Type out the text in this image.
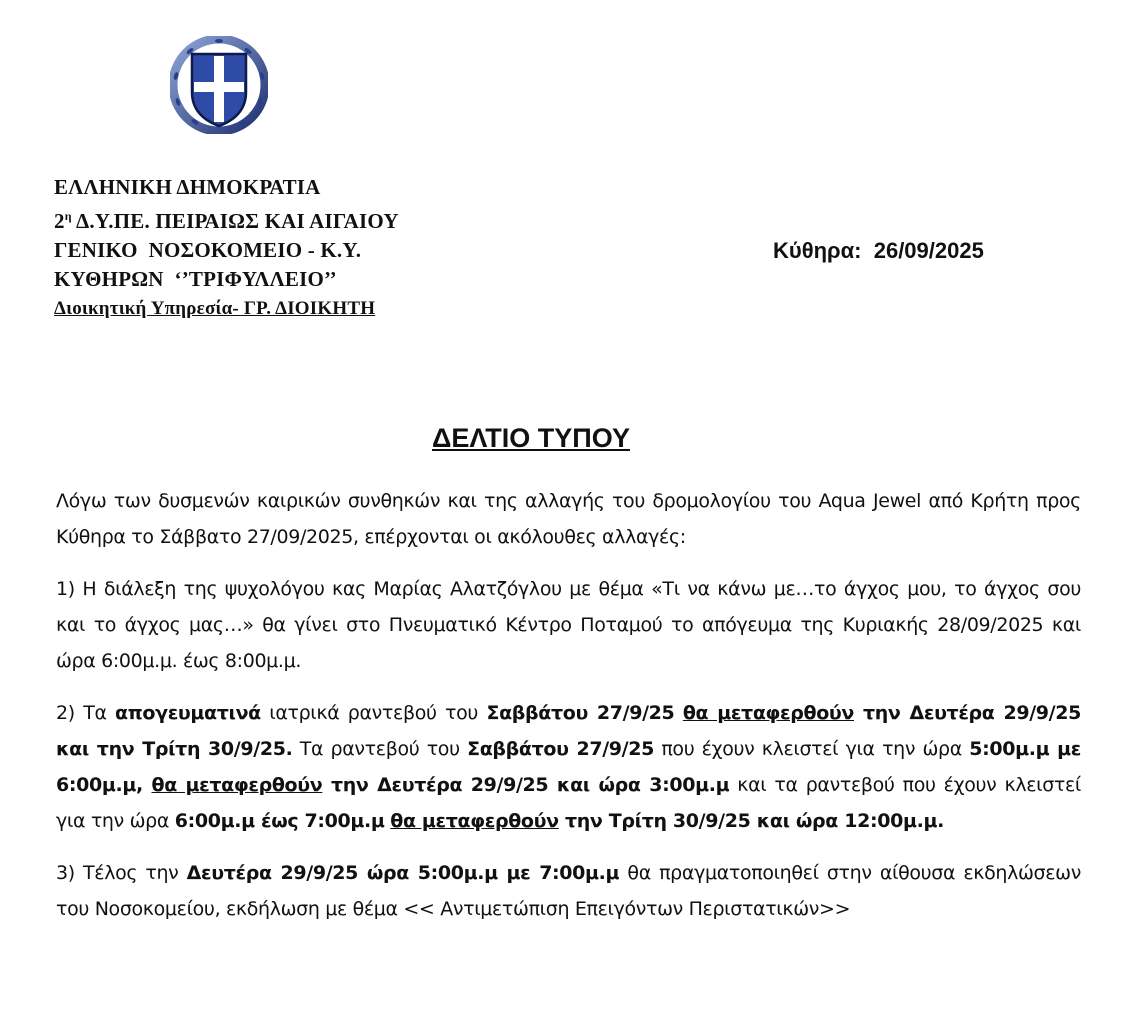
ΕΛΛΗΝΙΚΗ ΔΗΜΟΚΡΑΤΙΑ
$2^\eta$ Δ.Υ.ΠΕ. ΠΕΙΡΑΙΩΣ ΚΑΙ ΑΙΓΑΙΟΥ
ΓΕΝΙΚΟ  ΝΟΣΟΚΟΜΕΙΟ - Κ.Υ.
ΚΥΘΗΡΩΝ  ‘’ΤΡΙΦΥΛΛΕΙΟ’’
Διοικητική Υπηρεσία- ΓΡ. ΔΙΟΙΚΗΤΗ
Κύθηρα: 26/09/2025
ΔΕΛΤΙΟ ΤΥΠΟΥ

Λόγω των δυσμενών καιρικών συνθηκών και της αλλαγής του δρομολογίου του Aqua Jewel από Κρήτη προς Κύθηρα το Σάββατο 27/09/2025, επέρχονται οι ακόλουθες αλλαγές:

1) Η διάλεξη της ψυχολόγου κας Μαρίας Αλατζόγλου με θέμα «Τι να κάνω με…το άγχος μου, το άγχος σου και το άγχος μας…» θα γίνει στο Πνευματικό Κέντρο Ποταμού το απόγευμα της Κυριακής 28/09/2025 και ώρα 6:00μ.μ. έως 8:00μ.μ.

2) Τα απογευματινά ιατρικά ραντεβού του Σαββάτου 27/9/25 θα μεταφερθούν την Δευτέρα 29/9/25 και την Τρίτη 30/9/25. Τα ραντεβού του Σαββάτου 27/9/25 που έχουν κλειστεί για την ώρα 5:00μ.μ με 6:00μ.μ, θα μεταφερθούν την Δευτέρα 29/9/25 και ώρα 3:00μ.μ και τα ραντεβού που έχουν κλειστεί για την ώρα 6:00μ.μ έως 7:00μ.μ θα μεταφερθούν την Τρίτη 30/9/25 και ώρα 12:00μ.μ.

3) Τέλος την Δευτέρα 29/9/25 ώρα 5:00μ.μ με 7:00μ.μ θα πραγματοποιηθεί στην αίθουσα εκδηλώσεων του Νοσοκομείου, εκδήλωση με θέμα << Αντιμετώπιση Επειγόντων Περιστατικών>>
